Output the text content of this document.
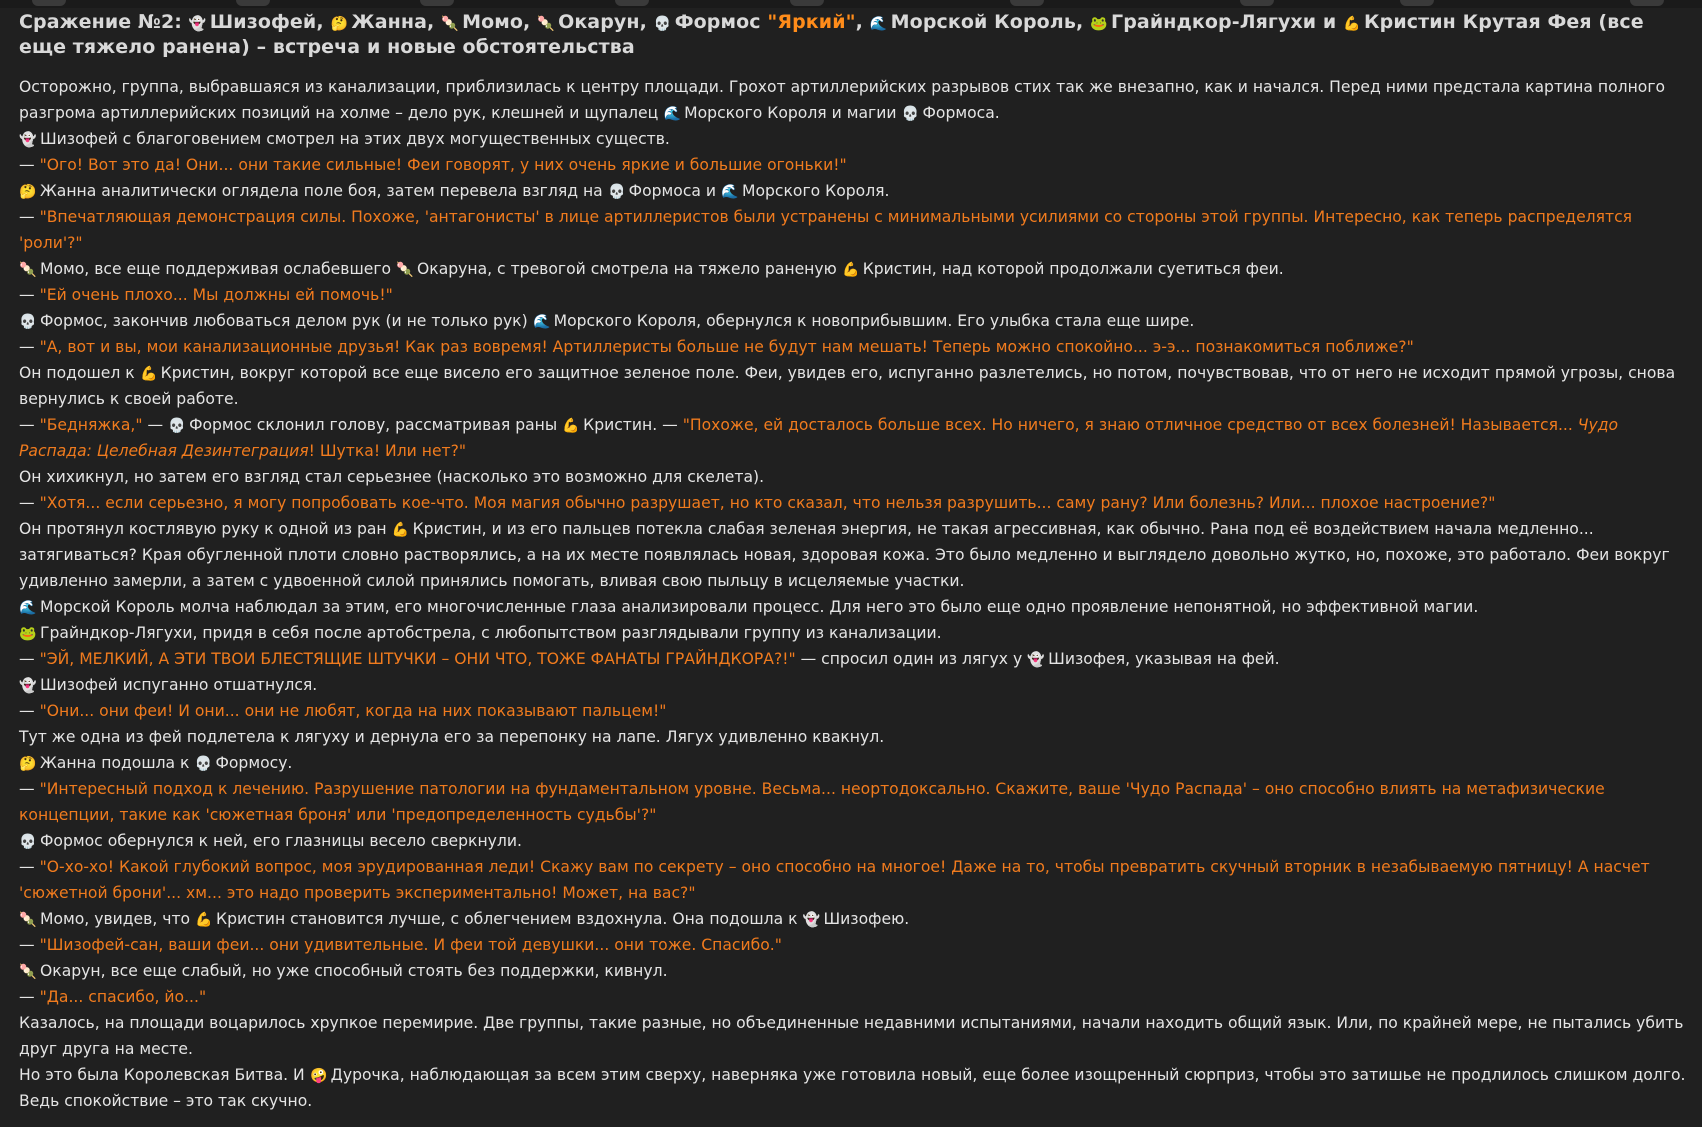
Сражение №2: 👻 Шизофей, 🤔 Жанна, 🍡 Момо, 🍡 Окарун, 💀 Формос "Яркий", 🌊 Морской Король, 🐸 Грайндкор-Лягухи и 💪 Кристин Крутая Фея (все еще тяжело ранена) – встреча и новые обстоятельства

Осторожно, группа, выбравшаяся из канализации, приблизилась к центру площади. Грохот артиллерийских разрывов стих так же внезапно, как и начался. Перед ними предстала картина полного разгрома артиллерийских позиций на холме – дело рук, клешней и щупалец 🌊 Морского Короля и магии 💀 Формоса.

👻 Шизофей с благоговением смотрел на этих двух могущественных существ.

— "Ого! Вот это да! Они... они такие сильные! Феи говорят, у них очень яркие и большие огоньки!"

🤔 Жанна аналитически оглядела поле боя, затем перевела взгляд на 💀 Формоса и 🌊 Морского Короля.

— "Впечатляющая демонстрация силы. Похоже, 'антагонисты' в лице артиллеристов были устранены с минимальными усилиями со стороны этой группы. Интересно, как теперь распределятся 'роли'?"

🍡 Момо, все еще поддерживая ослабевшего 🍡 Окаруна, с тревогой смотрела на тяжело раненую 💪 Кристин, над которой продолжали суетиться феи.

— "Ей очень плохо... Мы должны ей помочь!"

💀 Формос, закончив любоваться делом рук (и не только рук) 🌊 Морского Короля, обернулся к новоприбывшим. Его улыбка стала еще шире.

— "А, вот и вы, мои канализационные друзья! Как раз вовремя! Артиллеристы больше не будут нам мешать! Теперь можно спокойно... э-э... познакомиться поближе?"

Он подошел к 💪 Кристин, вокруг которой все еще висело его защитное зеленое поле. Феи, увидев его, испуганно разлетелись, но потом, почувствовав, что от него не исходит прямой угрозы, снова вернулись к своей работе.

— "Бедняжка," — 💀 Формос склонил голову, рассматривая раны 💪 Кристин. — "Похоже, ей досталось больше всех. Но ничего, я знаю отличное средство от всех болезней! Называется... Чудо Распада: Целебная Дезинтеграция! Шутка! Или нет?"

Он хихикнул, но затем его взгляд стал серьезнее (насколько это возможно для скелета).

— "Хотя... если серьезно, я могу попробовать кое-что. Моя магия обычно разрушает, но кто сказал, что нельзя разрушить... саму рану? Или болезнь? Или... плохое настроение?"

Он протянул костлявую руку к одной из ран 💪 Кристин, и из его пальцев потекла слабая зеленая энергия, не такая агрессивная, как обычно. Рана под её воздействием начала медленно... затягиваться? Края обугленной плоти словно растворялись, а на их месте появлялась новая, здоровая кожа. Это было медленно и выглядело довольно жутко, но, похоже, это работало. Феи вокруг удивленно замерли, а затем с удвоенной силой принялись помогать, вливая свою пыльцу в исцеляемые участки.

🌊 Морской Король молча наблюдал за этим, его многочисленные глаза анализировали процесс. Для него это было еще одно проявление непонятной, но эффективной магии.

🐸 Грайндкор-Лягухи, придя в себя после артобстрела, с любопытством разглядывали группу из канализации.

— "ЭЙ, МЕЛКИЙ, А ЭТИ ТВОИ БЛЕСТЯЩИЕ ШТУЧКИ – ОНИ ЧТО, ТОЖЕ ФАНАТЫ ГРАЙНДКОРА?!" — спросил один из лягух у 👻 Шизофея, указывая на фей.

👻 Шизофей испуганно отшатнулся.

— "Они... они феи! И они... они не любят, когда на них показывают пальцем!"

Тут же одна из фей подлетела к лягуху и дернула его за перепонку на лапе. Лягух удивленно квакнул.

🤔 Жанна подошла к 💀 Формосу.

— "Интересный подход к лечению. Разрушение патологии на фундаментальном уровне. Весьма... неортодоксально. Скажите, ваше 'Чудо Распада' – оно способно влиять на метафизические концепции, такие как 'сюжетная броня' или 'предопределенность судьбы'?"

💀 Формос обернулся к ней, его глазницы весело сверкнули.

— "О-хо-хо! Какой глубокий вопрос, моя эрудированная леди! Скажу вам по секрету – оно способно на многое! Даже на то, чтобы превратить скучный вторник в незабываемую пятницу! А насчет 'сюжетной брони'... хм... это надо проверить экспериментально! Может, на вас?"

🍡 Момо, увидев, что 💪 Кристин становится лучше, с облегчением вздохнула. Она подошла к 👻 Шизофею.

— "Шизофей-сан, ваши феи... они удивительные. И феи той девушки... они тоже. Спасибо."

🍡 Окарун, все еще слабый, но уже способный стоять без поддержки, кивнул.

— "Да... спасибо, йо..."

Казалось, на площади воцарилось хрупкое перемирие. Две группы, такие разные, но объединенные недавними испытаниями, начали находить общий язык. Или, по крайней мере, не пытались убить друг друга на месте.

Но это была Королевская Битва. И 🤪 Дурочка, наблюдающая за всем этим сверху, наверняка уже готовила новый, еще более изощренный сюрприз, чтобы это затишье не продлилось слишком долго. Ведь спокойствие – это так скучно.
